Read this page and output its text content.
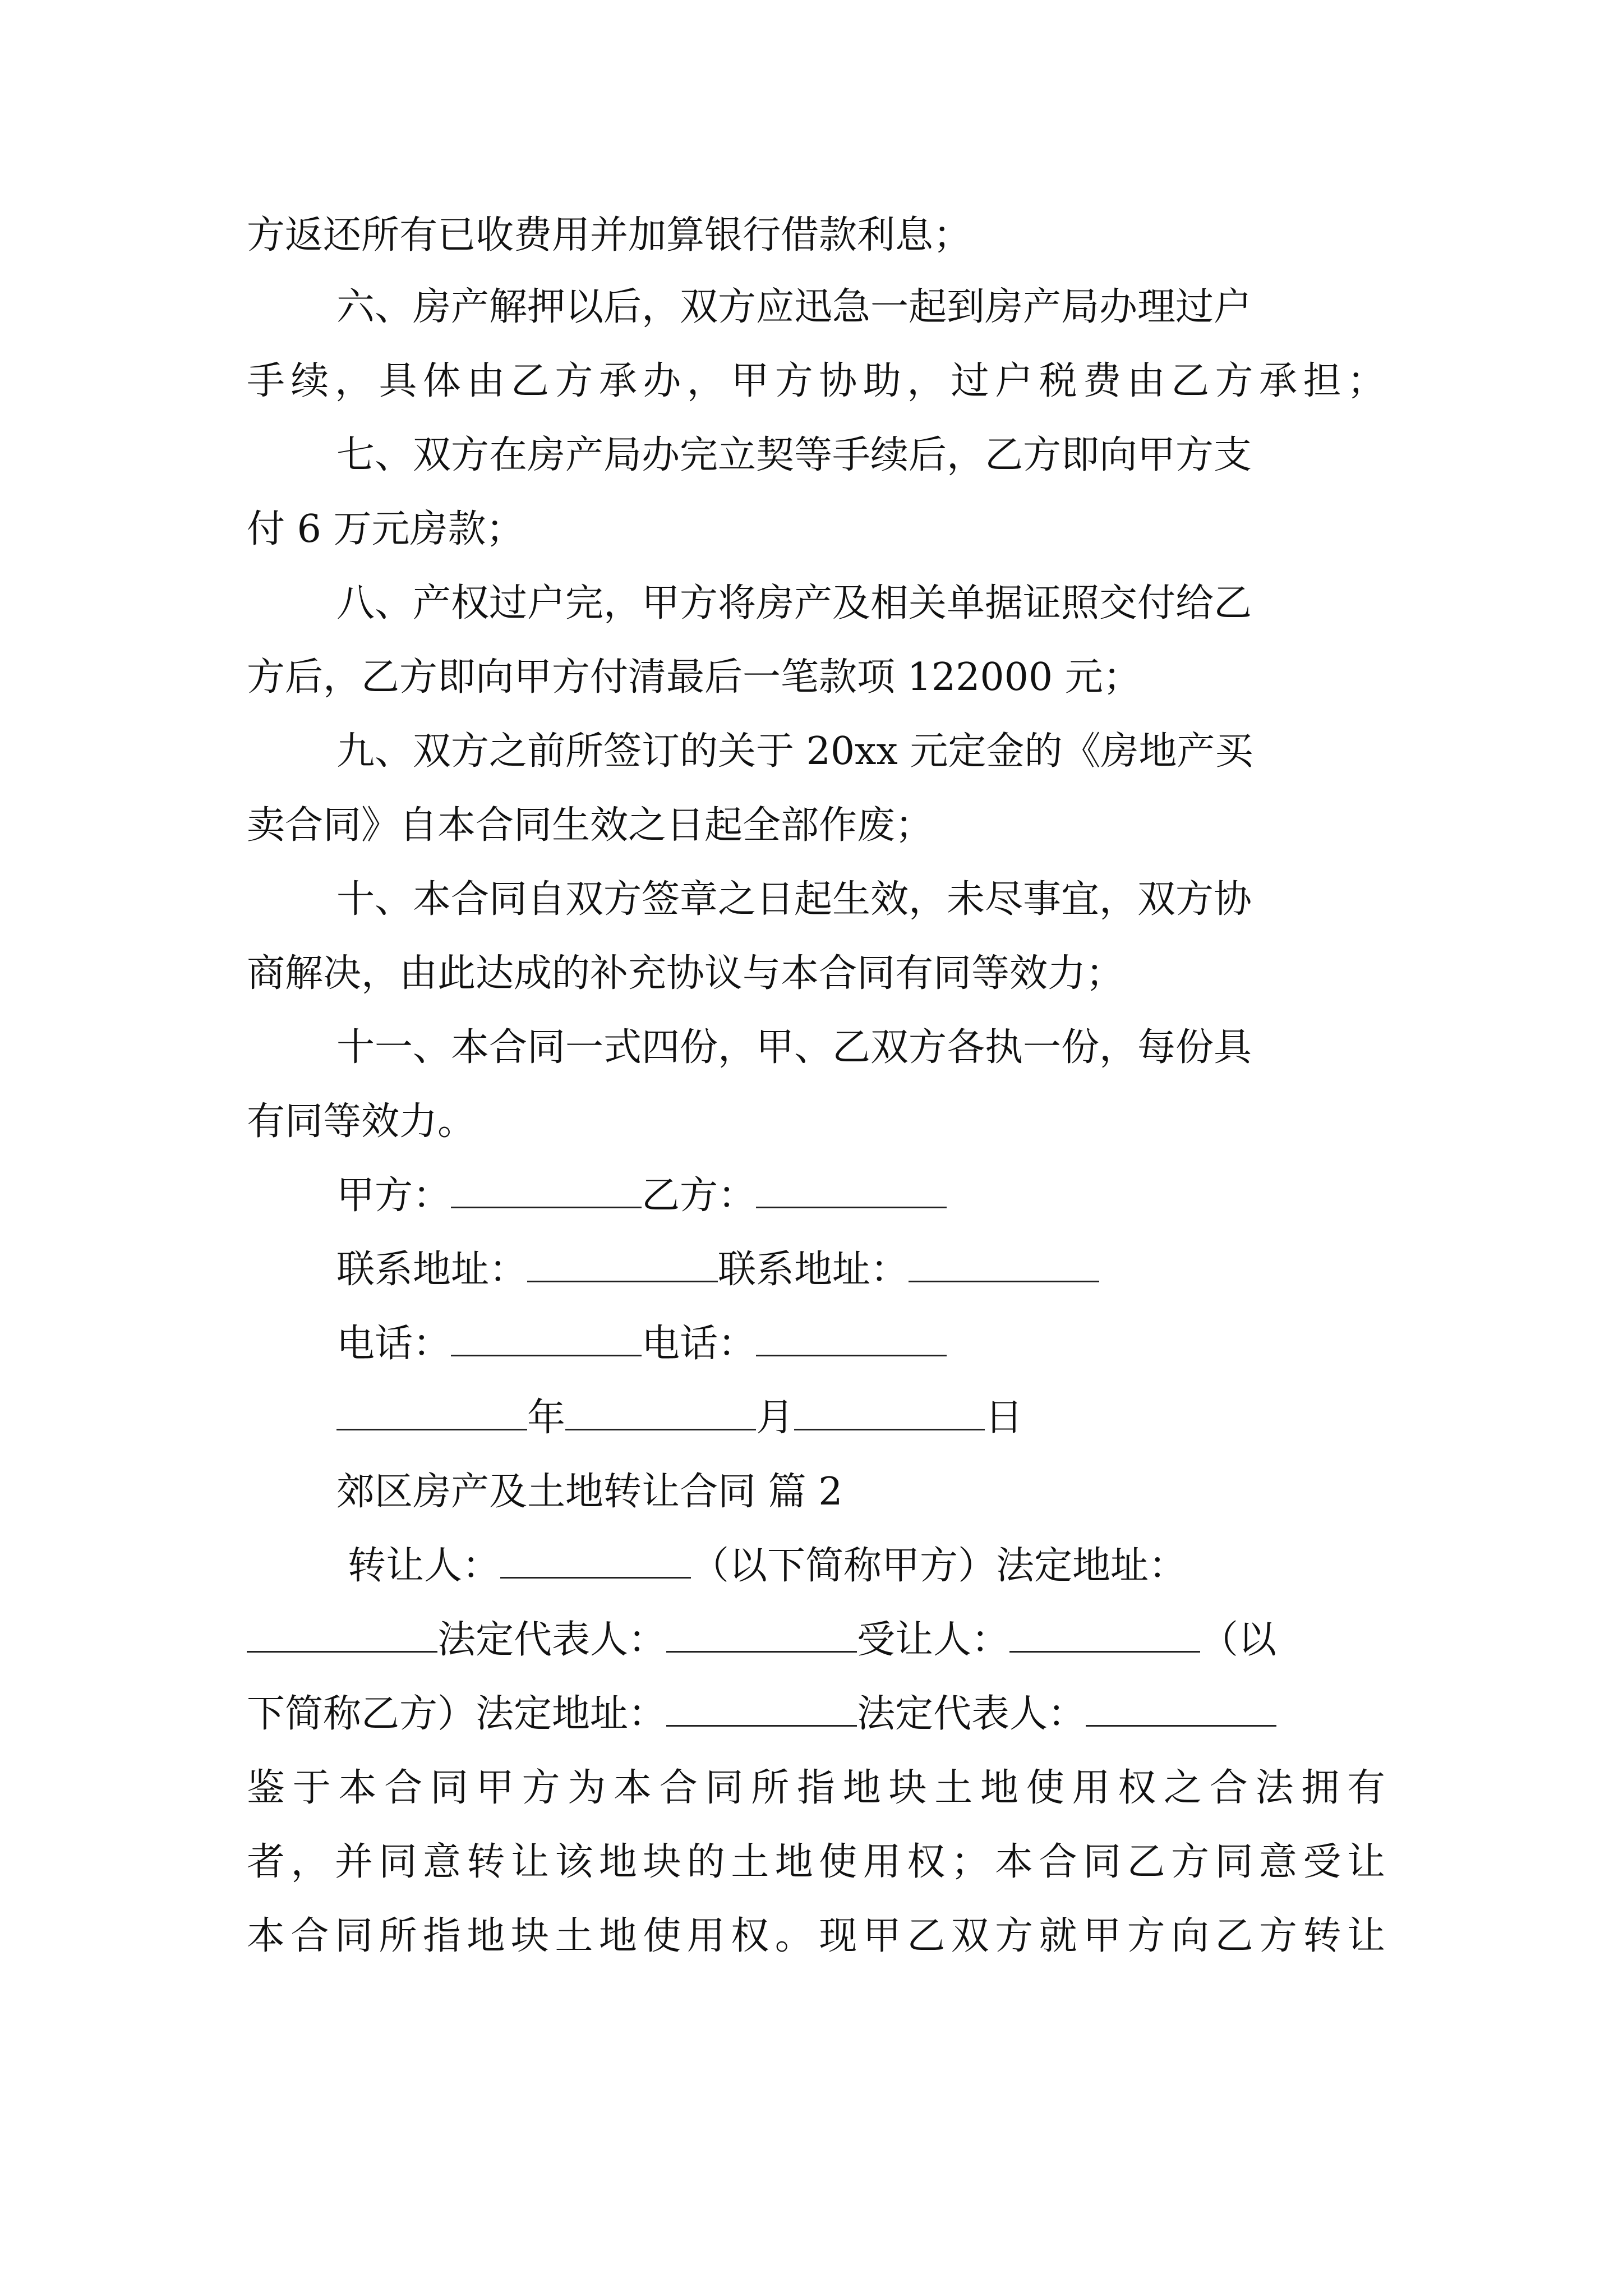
方返还所有已收费用并加算银行借款利息；
六、房产解押以后，双方应迅急一起到房产局办理过户
手续，具体由乙方承办，甲方协助，过户税费由乙方承担；
七、双方在房产局办完立契等手续后，乙方即向甲方支
付 6 万元房款；
八、产权过户完，甲方将房产及相关单据证照交付给乙
方后，乙方即向甲方付清最后一笔款项 122000 元；
九、双方之前所签订的关于 20xx 元定金的《房地产买
卖合同》自本合同生效之日起全部作废；
十、本合同自双方签章之日起生效，未尽事宜，双方协
商解决，由此达成的补充协议与本合同有同等效力；
十一、本合同一式四份，甲、乙双方各执一份，每份具
有同等效力。
甲方：	乙方：
联系地址：	联系地址：
电话：	电话：
年	月	日
郊区房产及土地转让合同 篇 2
转让人：	（以下简称甲方）法定地址：
法定代表人：	受让人：	（以
下简称乙方）法定地址：	法定代表人：
鉴于本合同甲方为本合同所指地块土地使用权之合法拥有
者，并同意转让该地块的土地使用权；本合同乙方同意受让
本合同所指地块土地使用权。现甲乙双方就甲方向乙方转让
